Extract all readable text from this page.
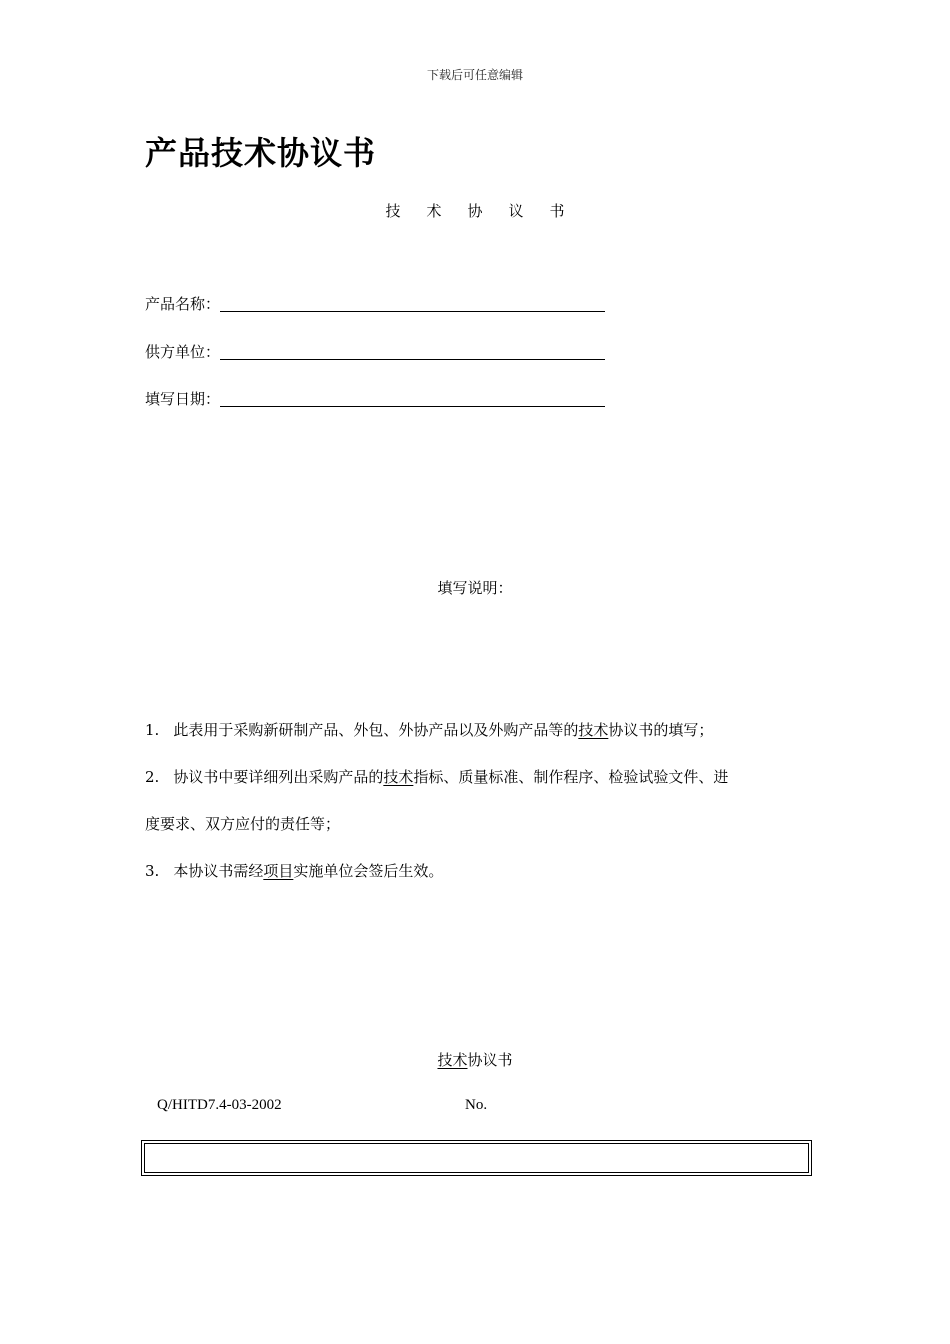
下载后可任意编辑
产品技术协议书
技术协议书
产品名称：
供方单位：
填写日期：
填写说明：
1. 此表用于采购新研制产品、外包、外协产品以及外购产品等的技术协议书的填写；
2. 协议书中要详细列出采购产品的技术指标、质量标准、制作程序、检验试验文件、进
度要求、双方应付的责任等；
3. 本协议书需经项目实施单位会签后生效。
技术协议书
Q/HITD7.4-03-2002	No.
